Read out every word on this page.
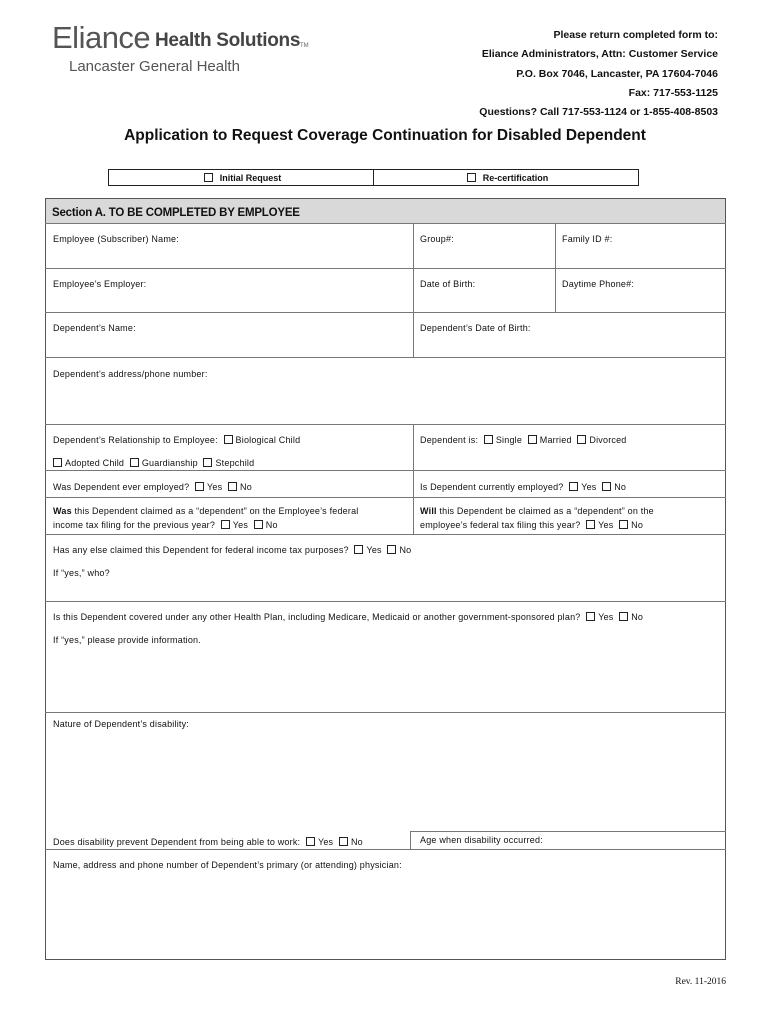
Eliance Health Solutions TM
Lancaster General Health
Please return completed form to:
Eliance Administrators, Attn: Customer Service
P.O. Box 7046, Lancaster, PA 17604-7046
Fax: 717-553-1125
Questions? Call 717-553-1124 or 1-855-408-8503
Application to Request Coverage Continuation for Disabled Dependent
Initial Request	Re-certification
Section A. TO BE COMPLETED BY EMPLOYEE
Employee (Subscriber) Name:	Group#:	Family ID #:
Employee’s Employer:	Date of Birth:	Daytime Phone#:
Dependent’s Name:	Dependent’s Date of Birth:
Dependent’s address/phone number:
Dependent’s Relationship to Employee: Biological Child
Adopted Child Guardianship Stepchild
Dependent is: Single Married Divorced
Was Dependent ever employed? Yes No	Is Dependent currently employed? Yes No
Was this Dependent claimed as a “dependent” on the Employee’s federal
income tax filing for the previous year? Yes No
Will this Dependent be claimed as a “dependent” on the
employee’s federal tax filing this year? Yes No
Has any else claimed this Dependent for federal income tax purposes? Yes No
If “yes,” who?
Is this Dependent covered under any other Health Plan, including Medicare, Medicaid or another government-sponsored plan? Yes No
If “yes,” please provide information.
Nature of Dependent’s disability:
Does disability prevent Dependent from being able to work: Yes No	Age when disability occurred:
Name, address and phone number of Dependent’s primary (or attending) physician:
Rev. 11-2016
